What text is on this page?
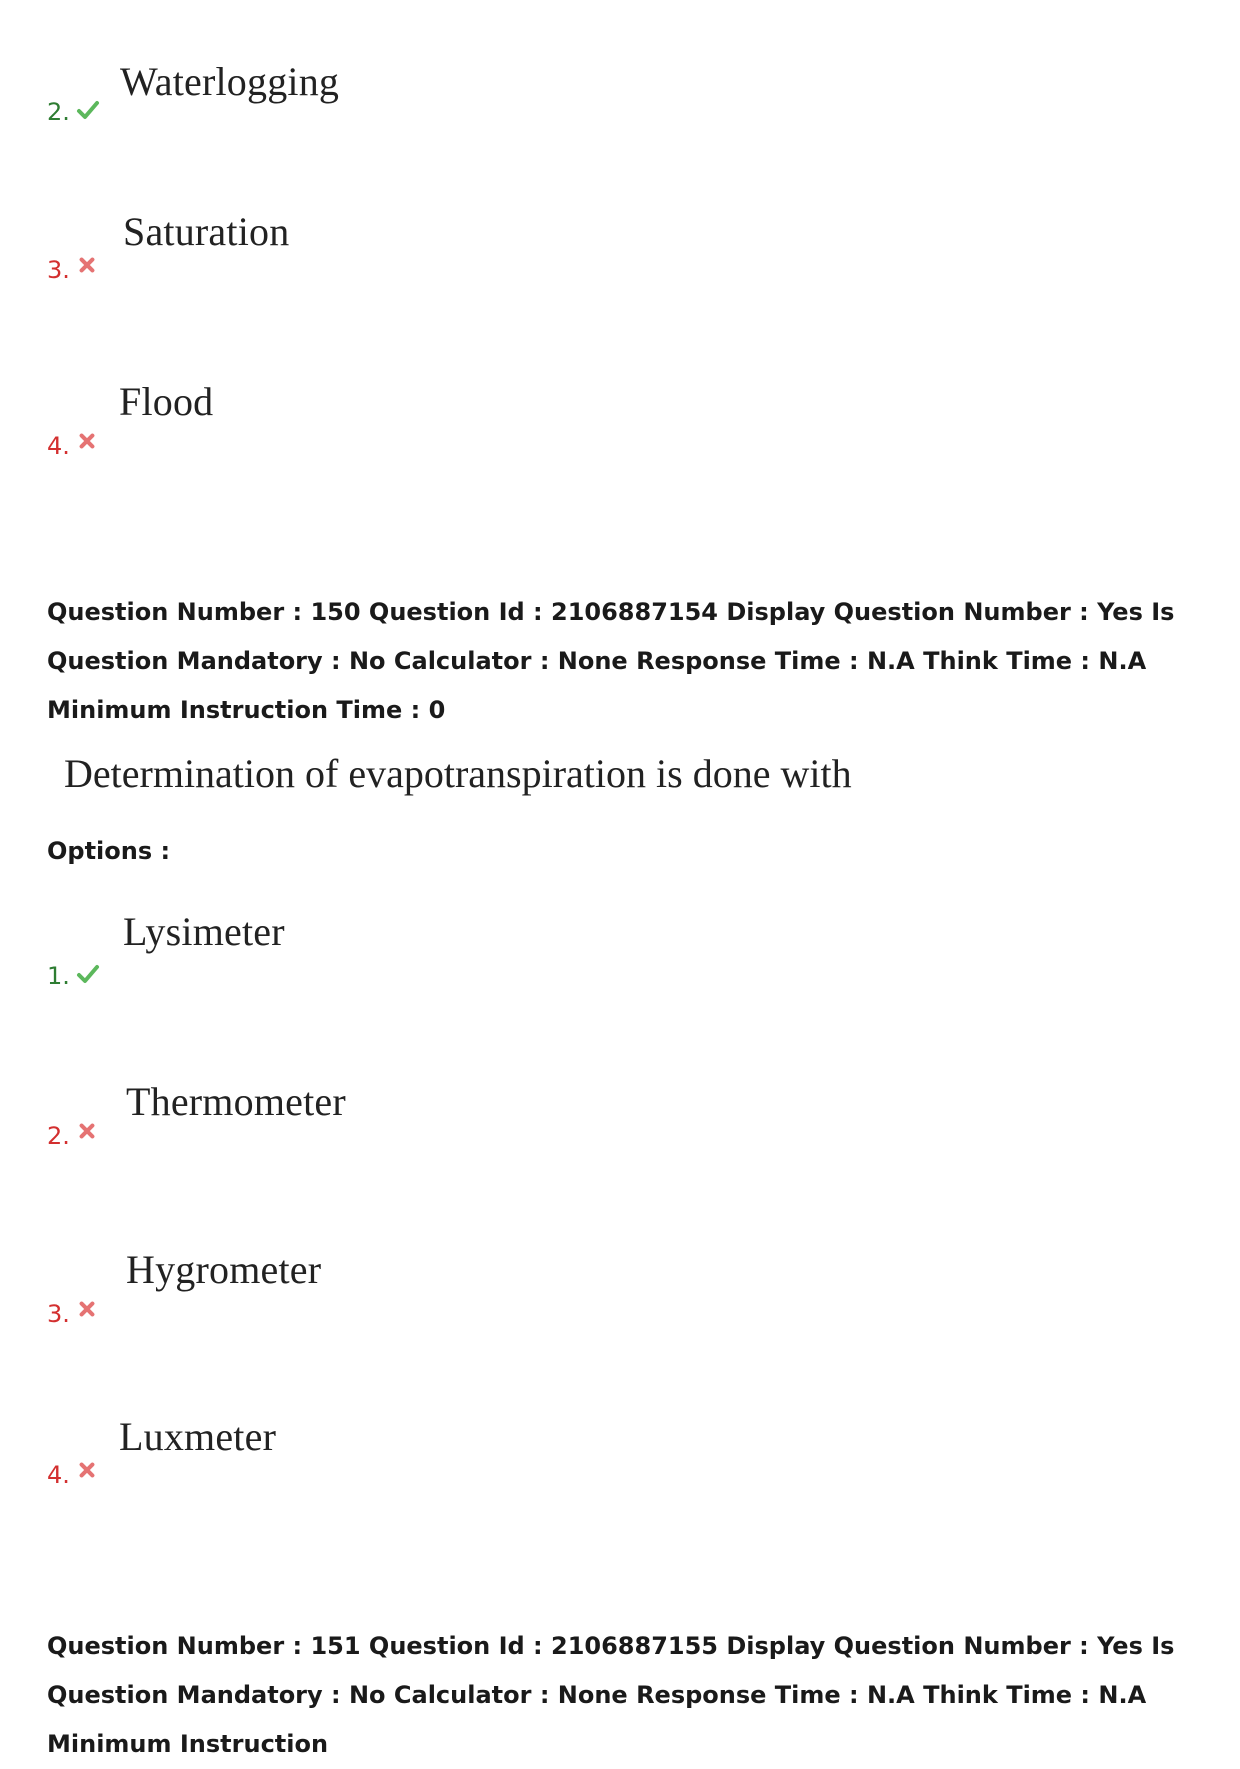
Waterlogging
2.
Saturation
3.
Flood
4.

Question Number : 150 Question Id : 2106887154 Display Question Number : Yes Is Question Mandatory : No Calculator : None Response Time : N.A Think Time : N.A Minimum Instruction Time : 0

Determination of evapotranspiration is done with
Options :
Lysimeter
1.
Thermometer
2.
Hygrometer
3.
Luxmeter
4.

Question Number : 151 Question Id : 2106887155 Display Question Number : Yes Is Question Mandatory : No Calculator : None Response Time : N.A Think Time : N.A Minimum Instruction
